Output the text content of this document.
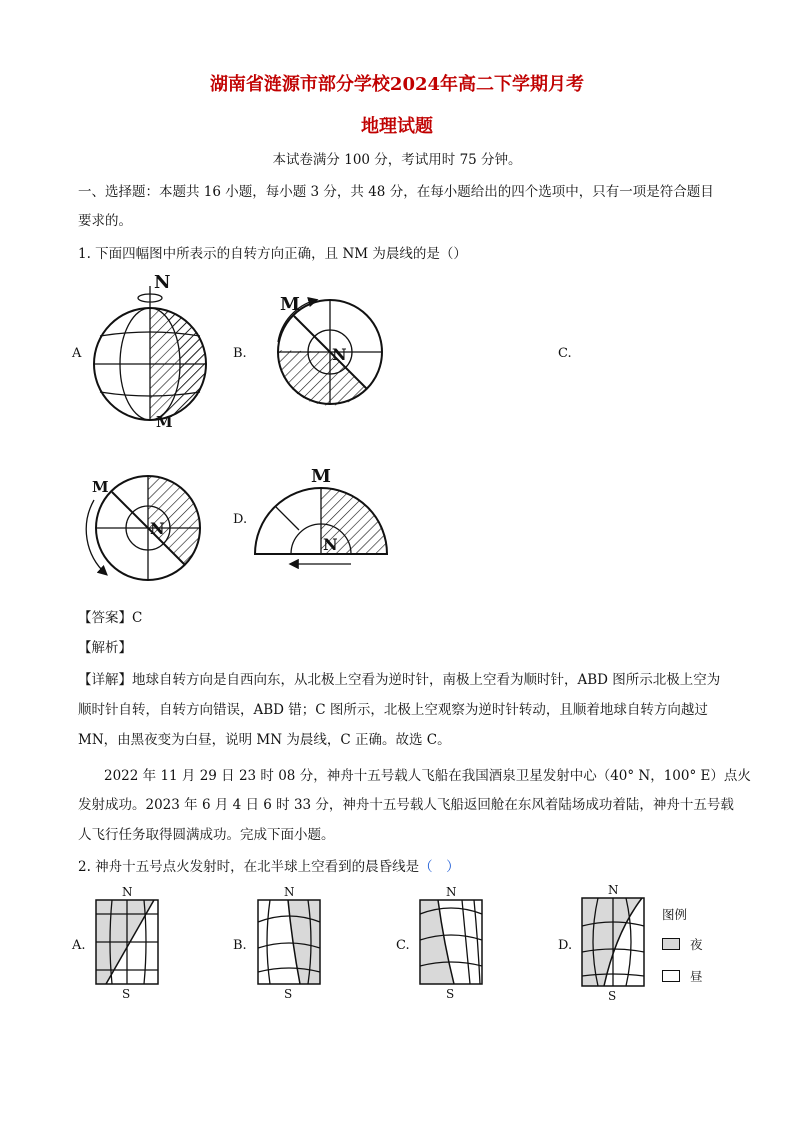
湖南省涟源市部分学校2024年高二下学期月考
地理试题
本试卷满分 100 分，考试用时 75 分钟。
一、选择题：本题共 16 小题，每小题 3 分，共 48 分，在每小题给出的四个选项中，只有一项是符合题目
要求的。
1. 下面四幅图中所表示的自转方向正确，且 NM 为晨线的是（）
A
N
M
B.
M
N	C.
M
N	D.
M
N
【答案】C
【解析】
【详解】地球自转方向是自西向东，从北极上空看为逆时针，南极上空看为顺时针，ABD 图所示北极上空为
顺时针自转，自转方向错误，ABD 错；C 图所示，北极上空观察为逆时针转动，且顺着地球自转方向越过
MN，由黑夜变为白昼，说明 MN 为晨线，C 正确。故选 C。
2022 年 11 月 29 日 23 时 08 分，神舟十五号载人飞船在我国酒泉卫星发射中心（40° N，100° E）点火
发射成功。2023 年 6 月 4 日 6 时 33 分，神舟十五号载人飞船返回舱在东风着陆场成功着陆，神舟十五号载
人飞行任务取得圆满成功。完成下面小题。
2. 神舟十五号点火发射时，在北半球上空看到的晨昏线是（　）
A.
N
S
B.
N
S
C.
N
S
D.
N
S
图例
夜
昼
